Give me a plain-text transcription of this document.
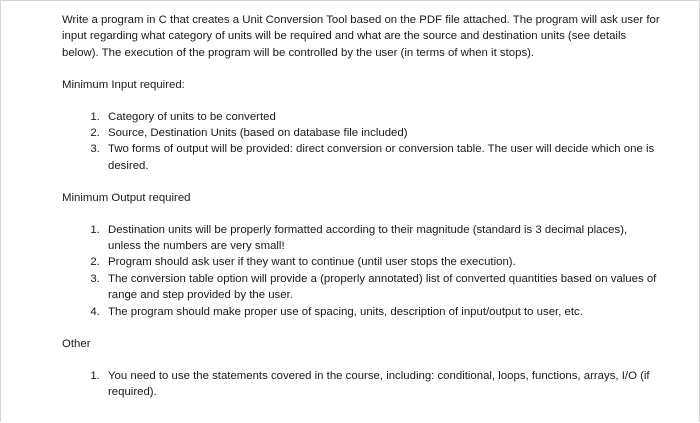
Write a program in C that creates a Unit Conversion Tool based on the PDF file attached. The program will ask user for input regarding what category of units will be required and what are the source and destination units (see details below). The execution of the program will be controlled by the user (in terms of when it stops).

Minimum Input required:

1. Category of units to be converted
2. Source, Destination Units (based on database file included)
3. Two forms of output will be provided: direct conversion or conversion table. The user will decide which one is desired.

Minimum Output required

1. Destination units will be properly formatted according to their magnitude (standard is 3 decimal places), unless the numbers are very small!
2. Program should ask user if they want to continue (until user stops the execution).
3. The conversion table option will provide a (properly annotated) list of converted quantities based on values of range and step provided by the user.
4. The program should make proper use of spacing, units, description of input/output to user, etc.

Other

1. You need to use the statements covered in the course, including: conditional, loops, functions, arrays, I/O (if required).
